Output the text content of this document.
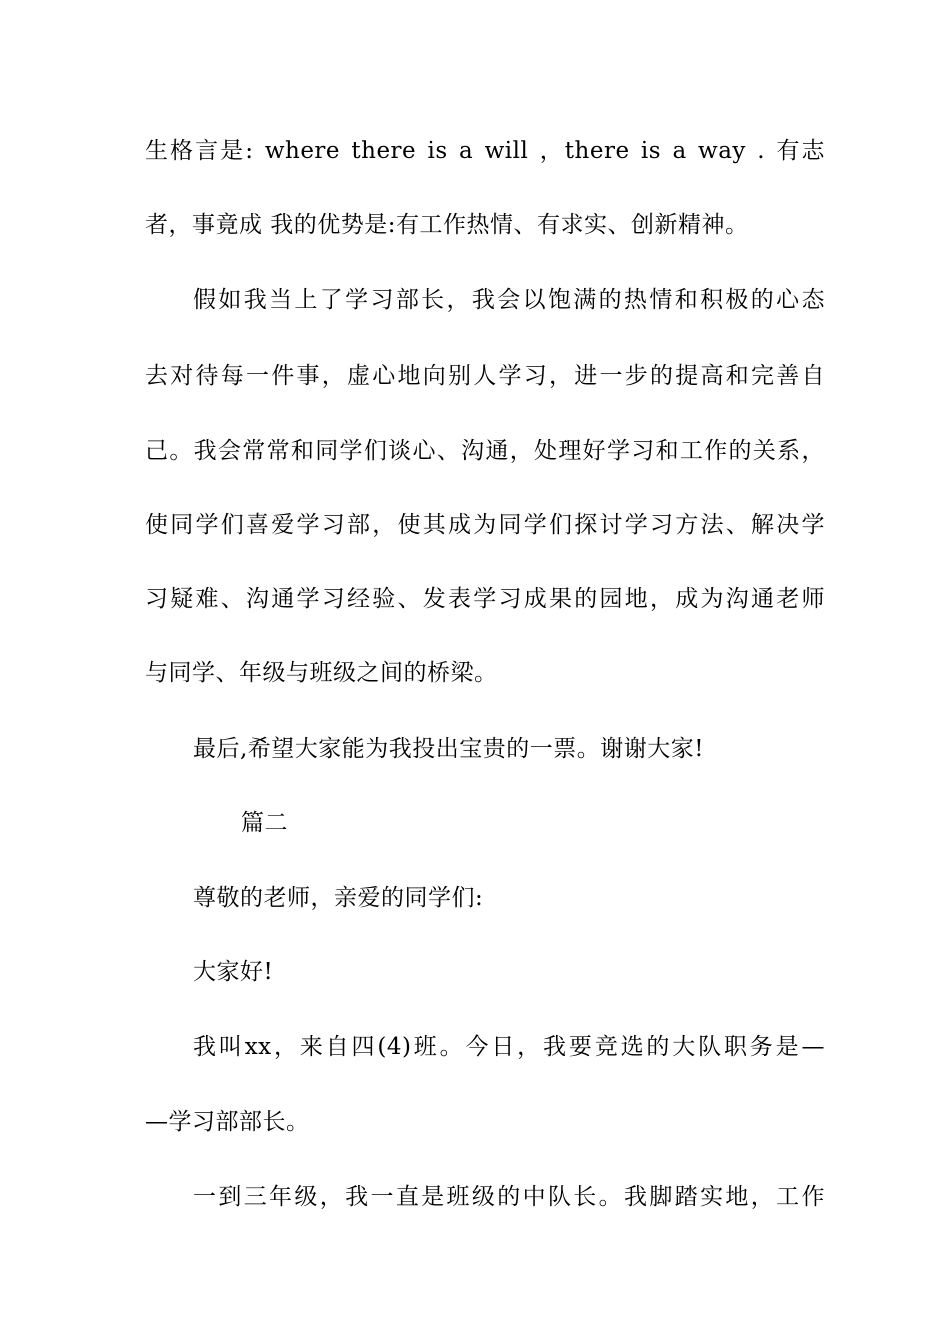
生格言是: where there is a will ，there is a way . 有志
者，事竟成 我的优势是:有工作热情、有求实、创新精神。
假如我当上了学习部长，我会以饱满的热情和积极的心态
去对待每一件事，虚心地向别人学习，进一步的提高和完善自
己。我会常常和同学们谈心、沟通，处理好学习和工作的关系，
使同学们喜爱学习部，使其成为同学们探讨学习方法、解决学
习疑难、沟通学习经验、发表学习成果的园地，成为沟通老师
与同学、年级与班级之间的桥梁。
最后,希望大家能为我投出宝贵的一票。谢谢大家!
篇二
尊敬的老师，亲爱的同学们:
大家好!
我叫xx，来自四(4)班。今日，我要竞选的大队职务是—
—学习部部长。
一到三年级，我一直是班级的中队长。我脚踏实地，工作
